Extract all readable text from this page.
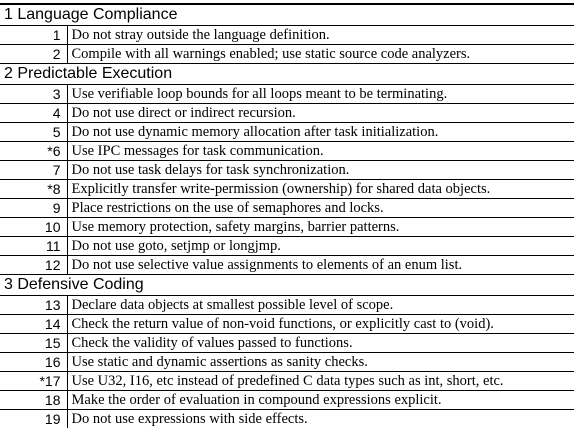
1 Language Compliance	
1	Do not stray outside the language definition.
2	Compile with all warnings enabled; use static source code analyzers.
2 Predictable Execution	
3	Use verifiable loop bounds for all loops meant to be terminating.
4	Do not use direct or indirect recursion.
5	Do not use dynamic memory allocation after task initialization.
*6	Use IPC messages for task communication.
7	Do not use task delays for task synchronization.
*8	Explicitly transfer write-permission (ownership) for shared data objects.
9	Place restrictions on the use of semaphores and locks.
10	Use memory protection, safety margins, barrier patterns.
11	Do not use goto, setjmp or longjmp.
12	Do not use selective value assignments to elements of an enum list.
3 Defensive Coding	
13	Declare data objects at smallest possible level of scope.
14	Check the return value of non-void functions, or explicitly cast to (void).
15	Check the validity of values passed to functions.
16	Use static and dynamic assertions as sanity checks.
*17	Use U32, I16, etc instead of predefined C data types such as int, short, etc.
18	Make the order of evaluation in compound expressions explicit.
19	Do not use expressions with side effects.
